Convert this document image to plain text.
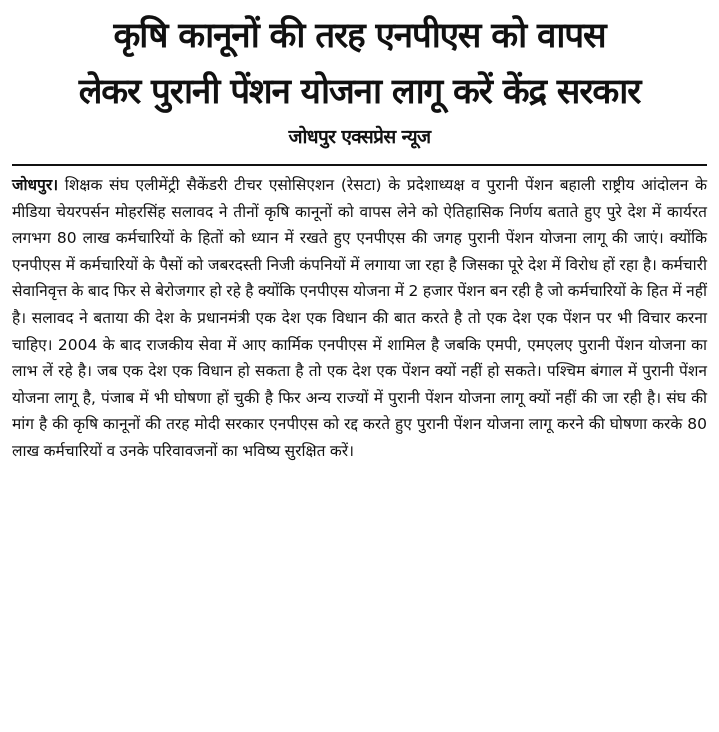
कृषि कानूनों की तरह एनपीएस को वापस
लेकर पुरानी पेंशन योजना लागू करें केंद्र सरकार
जोधपुर एक्सप्रेस न्यूज

जोधपुर। शिक्षक संघ एलीमेंट्री सैकेंडरी टीचर एसोसिएशन (रेसटा) के प्रदेशाध्यक्ष व पुरानी पेंशन बहाली राष्ट्रीय आंदोलन के मीडिया चेयरपर्सन मोहरसिंह सलावद ने तीनों कृषि कानूनों को वापस लेने को ऐतिहासिक निर्णय बताते हुए पुरे देश में कार्यरत लगभग 80 लाख कर्मचारियों के हितों को ध्यान में रखते हुए एनपीएस की जगह पुरानी पेंशन योजना लागू की जाएं। क्योंकि एनपीएस में कर्मचारियों के पैसों को जबरदस्ती निजी कंपनियों में लगाया जा रहा है जिसका पूरे देश में विरोध हों रहा है। कर्मचारी सेवानिवृत्त के बाद फिर से बेरोजगार हो रहे है क्योंकि एनपीएस योजना में 2 हजार पेंशन बन रही है जो कर्मचारियों के हित में नहीं है। सलावद ने बताया की देश के प्रधानमंत्री एक देश एक विधान की बात करते है तो एक देश एक पेंशन पर भी विचार करना चाहिए। 2004 के बाद राजकीय सेवा में आए कार्मिक एनपीएस में शामिल है जबकि एमपी, एमएलए पुरानी पेंशन योजना का लाभ लें रहे है। जब एक देश एक विधान हो सकता है तो एक देश एक पेंशन क्यों नहीं हो सकते। पश्चिम बंगाल में पुरानी पेंशन योजना लागू है, पंजाब में भी घोषणा हों चुकी है फिर अन्य राज्यों में पुरानी पेंशन योजना लागू क्यों नहीं की जा रही है। संघ की मांग है की कृषि कानूनों की तरह मोदी सरकार एनपीएस को रद्द करते हुए पुरानी पेंशन योजना लागू करने की घोषणा करके 80 लाख कर्मचारियों व उनके परिवावजनों का भविष्य सुरक्षित करें।
